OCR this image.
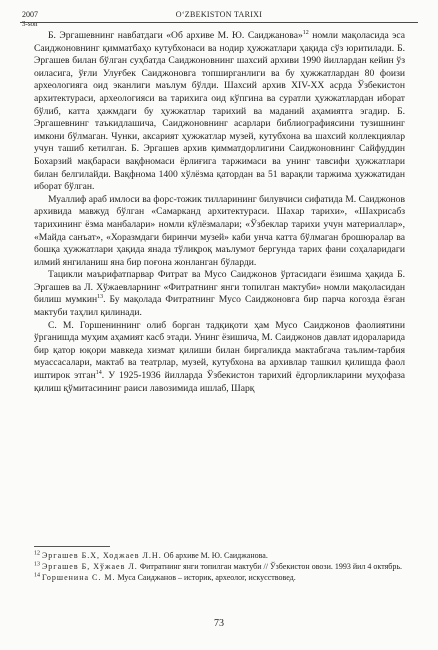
2007
3-son
O‘ZBEKISTON TARIXI

Б. Эргашевнинг навбатдаги «Об архиве М. Ю. Саиджанова»$^{12}$ номли мақоласида эса Саиджоновнинг қимматбаҳо кутубхонаси ва нодир ҳужжатлари ҳақида сўз юритилади. Б. Эргашев билан бўлган суҳбатда Саиджоновнинг шахсий архиви 1990 йиллардан кейин ўз оиласига, ўғли Улуғбек Саиджоновга топширганлиги ва бу ҳужжатлардан 80 фоизи археологияга оид эканлиги маълум бўлди. Шахсий архив XIV-XX асрда Ўзбекистон архитектураси, археологияси ва тарихига оид кўпгина ва суратли ҳужжатлардан иборат бўлиб, катта ҳажмдаги бу ҳужжатлар тарихий ва маданий аҳамиятга эгадир. Б. Эргашевнинг таъкидлашича, Саиджоновнинг асарлари библиографиясини тузишнинг имкони бўлмаган. Чунки, аксарият ҳужжатлар музей, кутубхона ва шахсий коллекциялар учун ташиб кетилган. Б. Эргашев архив қимматдорлигини Саиджоновнинг Сайфуддин Бохарзий мақбараси вақфномаси ёрлиғига таржимаси ва унинг тавсифи ҳужжатлари билан белгилайди. Вақфнома 1400 хўлёзма қатордан ва 51 варақли таржима ҳужжатидан иборат бўлган.

Муаллиф араб имлоси ва форс-тожик тилларининг билувчиси сифатида М. Саиджонов архивида мавжуд бўлган «Самарканд архитектураси. Шахар тарихи», «Шахрисабз тарихининг ёзма манбалари» номли кўлёзмалари; «Ўзбеклар тарихи учун материаллар», «Майда санъат», «Хоразмдаги биринчи музей» каби унча катта бўлмаган брошюралар ва бошқа ҳужжатлари ҳақида янада тўлиқроқ маълумот бергунда тарих фани соҳаларидаги илмий янгиланиш яна бир поғона жонланган бўларди.

Тацикли маърифатпарвар Фитрат ва Мусо Саиджонов ўртасидаги ёзишма ҳақида Б. Эргашев ва Л. Хўжаевларнинг «Фитратнинг янги топилган мактуби» номли мақоласидан билиш мумкин$^{13}$. Бу мақолада Фитратнинг Мусо Саиджоновга бир парча когозда ёзган мактуби таҳлил қилинади.

С. М. Горшениннинг олиб борган тадқиқоти ҳам Мусо Саиджонов фаолиятини ўрганишда муҳим аҳамият касб этади. Унинг ёзишича, М. Саиджонов давлат идораларида бир қатор юқори мавкеда хизмат қилиши билан биргаликда мактабгача таълим-тарбия муассасалари, мактаб ва театрлар, музей, кутубхона ва архивлар ташкил қилишда фаол иштирок этган$^{14}$. У 1925-1936 йилларда Ўзбекистон тарихий ёдгорликларини муҳофаза қилиш қўмитасининг раиси лавозимида ишлаб, Шарқ

$^{12}$ Эргашев Б.Х, Ходжаев Л.Н. Об архиве М. Ю. Саиджанова.

$^{13}$ Эргашев Б, Хўжаев Л. Фитратнинг янги топилган мактуби // Ўзбекистон овози. 1993 йил 4 октябрь.

$^{14}$ Горшенина С. М. Муса Саиджанов – историк, археолог, искусствовед.

73
